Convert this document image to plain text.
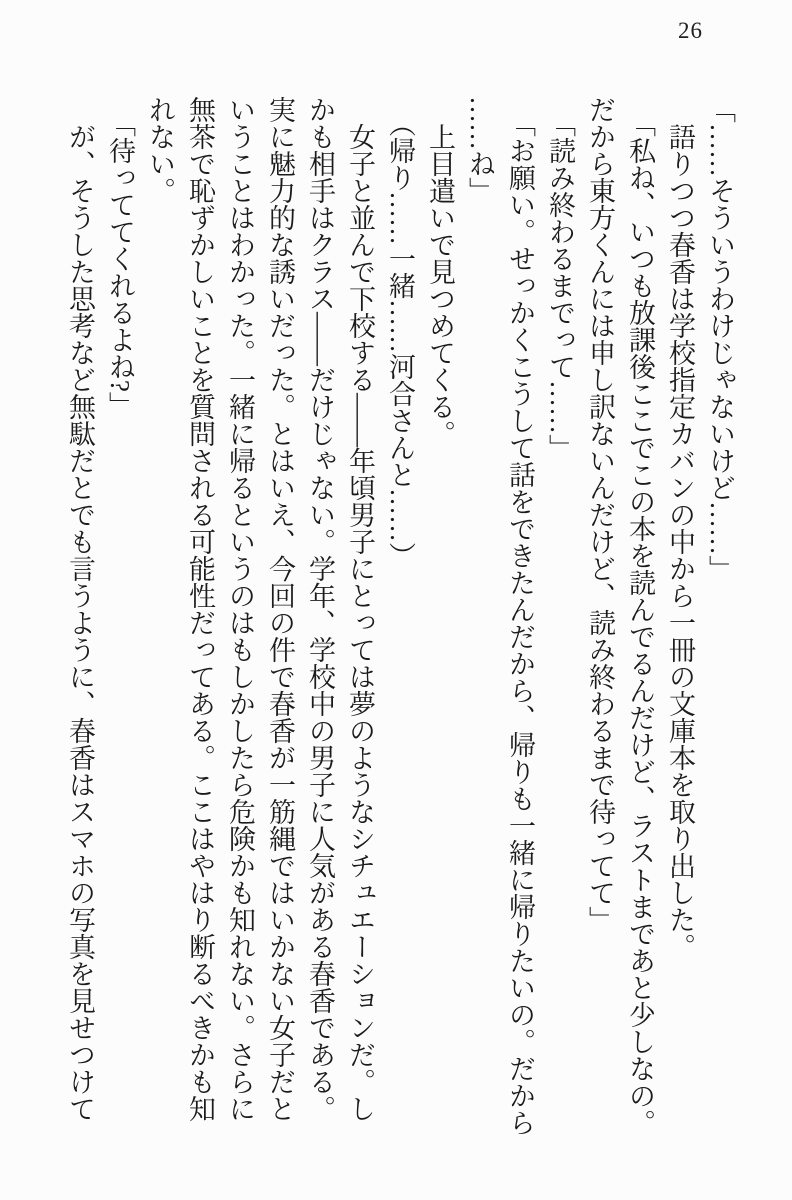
26

「……そういうわけじゃないけど……」

語りつつ春香は学校指定カバンの中から一冊の文庫本を取り出した。

「私ね、いつも放課後ここでこの本を読んでるんだけど、ラストまであと少しなの。

だから東方くんには申し訳ないんだけど、読み終わるまで待ってて」

「読み終わるまでって……」

「お願い。せっかくこうして話をできたんだから、帰りも一緒に帰りたいの。だから

……ね」

上目遣いで見つめてくる。

（帰り……一緒……河合さんと……）

女子と並んで下校する――年頃男子にとっては夢のようなシチュエーションだ。し

かも相手はクラス――だけじゃない。学年、学校中の男子に人気がある春香である。

実に魅力的な誘いだった。とはいえ、今回の件で春香が一筋縄ではいかない女子だと

いうことはわかった。一緒に帰るというのはもしかしたら危険かも知れない。さらに

無茶で恥ずかしいことを質問される可能性だってある。ここはやはり断るべきかも知

れない。

「待っててくれるよね?」

が、そうした思考など無駄だとでも言うように、春香はスマホの写真を見せつけて
